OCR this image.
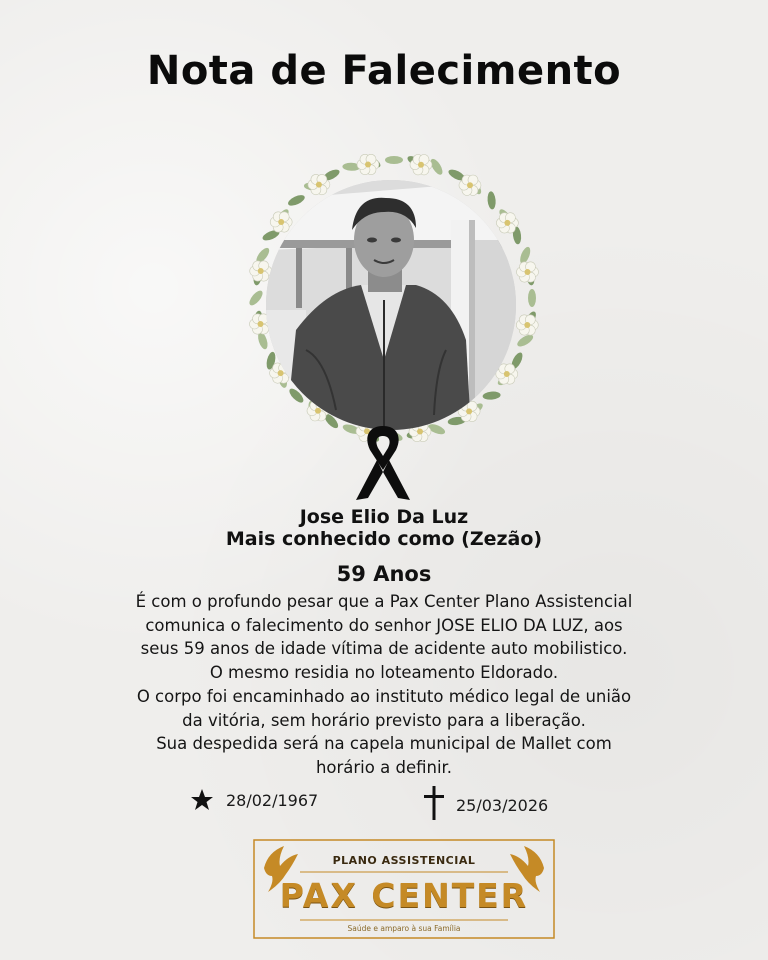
Nota de Falecimento
Jose Elio Da Luz
Mais conhecido como (Zezão)
59 Anos
É com o profundo pesar que a Pax Center Plano Assistencial
comunica o falecimento do senhor JOSE ELIO DA LUZ, aos
seus 59 anos de idade vítima de acidente auto mobilistico.
O mesmo residia no loteamento Eldorado.
O corpo foi encaminhado ao instituto médico legal de união
da vitória, sem horário previsto para a liberação.
Sua despedida será na capela municipal de Mallet com
horário a definir.
28/02/1967	25/03/2026
PLANO ASSISTENCIAL
PAX CENTER
Saúde e amparo à sua Família
